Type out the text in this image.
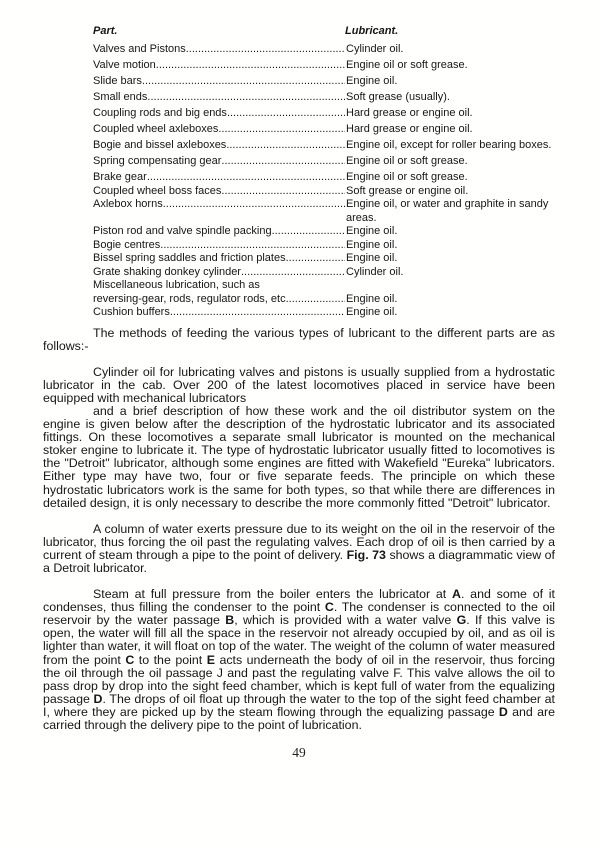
Part.	Lubricant.
Valves and Pistons .....	Cylinder oil.
Valve motion .....	Engine oil or soft grease.
Slide bars .....	Engine oil.
Small ends .....	Soft grease (usually).
Coupling rods and big ends .....	Hard grease or engine oil.
Coupled wheel axleboxes .....	Hard grease or engine oil.
Bogie and bissel axleboxes .....	Engine oil, except for roller bearing boxes.
Spring compensating gear .....	Engine oil or soft grease.
Brake gear .....	Engine oil or soft grease.
Coupled wheel boss faces .....	Soft grease or engine oil.
Axlebox horns .....	Engine oil, or water and graphite in sandy areas.
Piston rod and valve spindle packing .....	Engine oil.
Bogie centres .....	Engine oil.
Bissel spring saddles and friction plates .....	Engine oil.
Grate shaking donkey cylinder .....	Cylinder oil.
Miscellaneous lubrication, such as
reversing-gear, rods, regulator rods, etc .....	Engine oil.
Cushion buffers .....	Engine oil.

The methods of feeding the various types of lubricant to the different parts are as follows:-

Cylinder oil for lubricating valves and pistons is usually supplied from a hydrostatic lubricator in the cab. Over 200 of the latest locomotives placed in service have been equipped with mechanical lubricators

and a brief description of how these work and the oil distributor system on the engine is given below after the description of the hydrostatic lubricator and its associated fittings. On these locomotives a separate small lubricator is mounted on the mechanical stoker engine to lubricate it. The type of hydrostatic lubricator usually fitted to locomotives is the "Detroit" lubricator, although some engines are fitted with Wakefield "Eureka" lubricators. Either type may have two, four or five separate feeds. The principle on which these hydrostatic lubricators work is the same for both types, so that while there are differences in detailed design, it is only necessary to describe the more commonly fitted "Detroit" lubricator.

A column of water exerts pressure due to its weight on the oil in the reservoir of the lubricator, thus forcing the oil past the regulating valves. Each drop of oil is then carried by a current of steam through a pipe to the point of delivery. Fig. 73 shows a diagrammatic view of a Detroit lubricator.

Steam at full pressure from the boiler enters the lubricator at A. and some of it condenses, thus filling the condenser to the point C. The condenser is connected to the oil reservoir by the water passage B, which is provided with a water valve G. If this valve is open, the water will fill all the space in the reservoir not already occupied by oil, and as oil is lighter than water, it will float on top of the water. The weight of the column of water measured from the point C to the point E acts underneath the body of oil in the reservoir, thus forcing the oil through the oil passage J and past the regulating valve F. This valve allows the oil to pass drop by drop into the sight feed chamber, which is kept full of water from the equalizing passage D. The drops of oil float up through the water to the top of the sight feed chamber at I, where they are picked up by the steam flowing through the equalizing passage D and are carried through the delivery pipe to the point of lubrication.

49
